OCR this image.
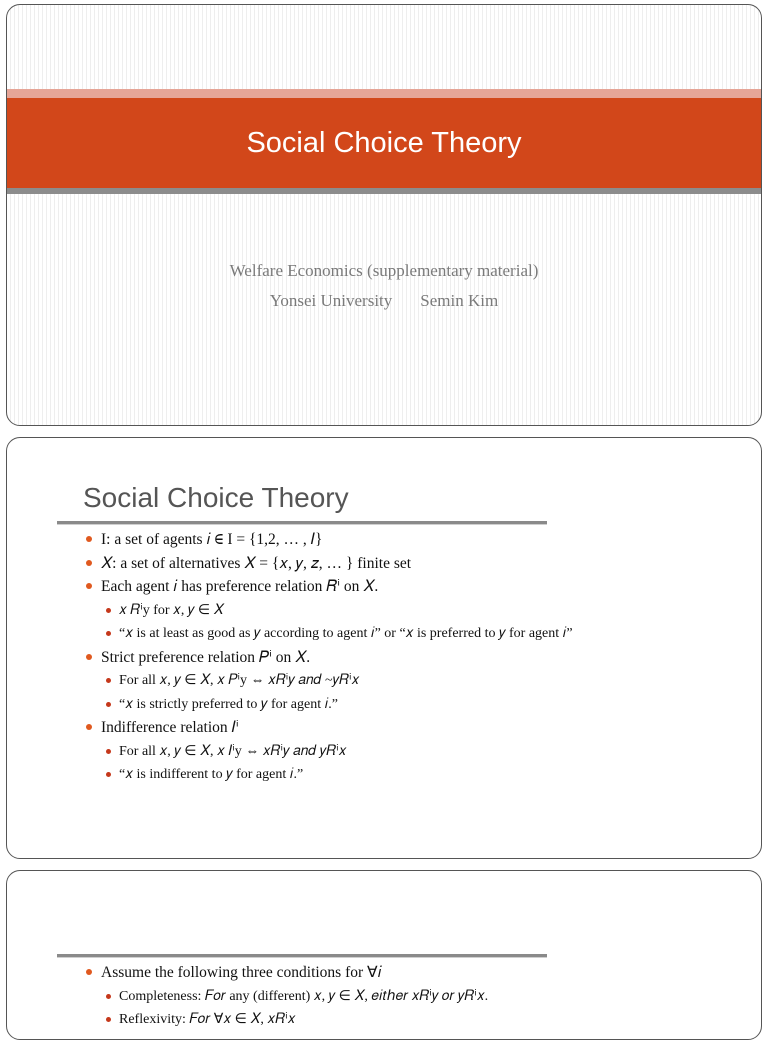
Social Choice Theory
Welfare Economics (supplementary material)
Yonsei University Semin Kim
Social Choice Theory
I: a set of agents 𝑖 ∈ I = {1,2, … , 𝐼}
𝑋: a set of alternatives 𝑋 = {𝑥, 𝑦, 𝑧, … } finite set
Each agent 𝑖 has preference relation 𝑅ⁱ on 𝑋.
𝑥 𝑅ⁱy for 𝑥, 𝑦 ∈ 𝑋
“𝑥 is at least as good as 𝑦 according to agent 𝑖” or “𝑥 is preferred to 𝑦 for agent 𝑖”
Strict preference relation 𝑃ⁱ on 𝑋.
For all 𝑥, 𝑦 ∈ 𝑋, 𝑥 𝑃ⁱy ⇔ 𝑥𝑅ⁱ𝑦 𝑎𝑛𝑑 ~𝑦𝑅ⁱ𝑥
“𝑥 is strictly preferred to 𝑦 for agent 𝑖.”
Indifference relation 𝐼ⁱ
For all 𝑥, 𝑦 ∈ 𝑋, 𝑥 𝐼ⁱy ⇔ 𝑥𝑅ⁱ𝑦 𝑎𝑛𝑑 𝑦𝑅ⁱ𝑥
“𝑥 is indifferent to 𝑦 for agent 𝑖.”
Assume the following three conditions for ∀𝑖
Completeness: 𝐹𝑜𝑟 any (different) 𝑥, 𝑦 ∈ 𝑋, 𝑒𝑖𝑡ℎ𝑒𝑟 𝑥𝑅ⁱ𝑦 𝑜𝑟 𝑦𝑅ⁱ𝑥.
Reflexivity: 𝐹𝑜𝑟 ∀𝑥 ∈ 𝑋, 𝑥𝑅ⁱ𝑥
